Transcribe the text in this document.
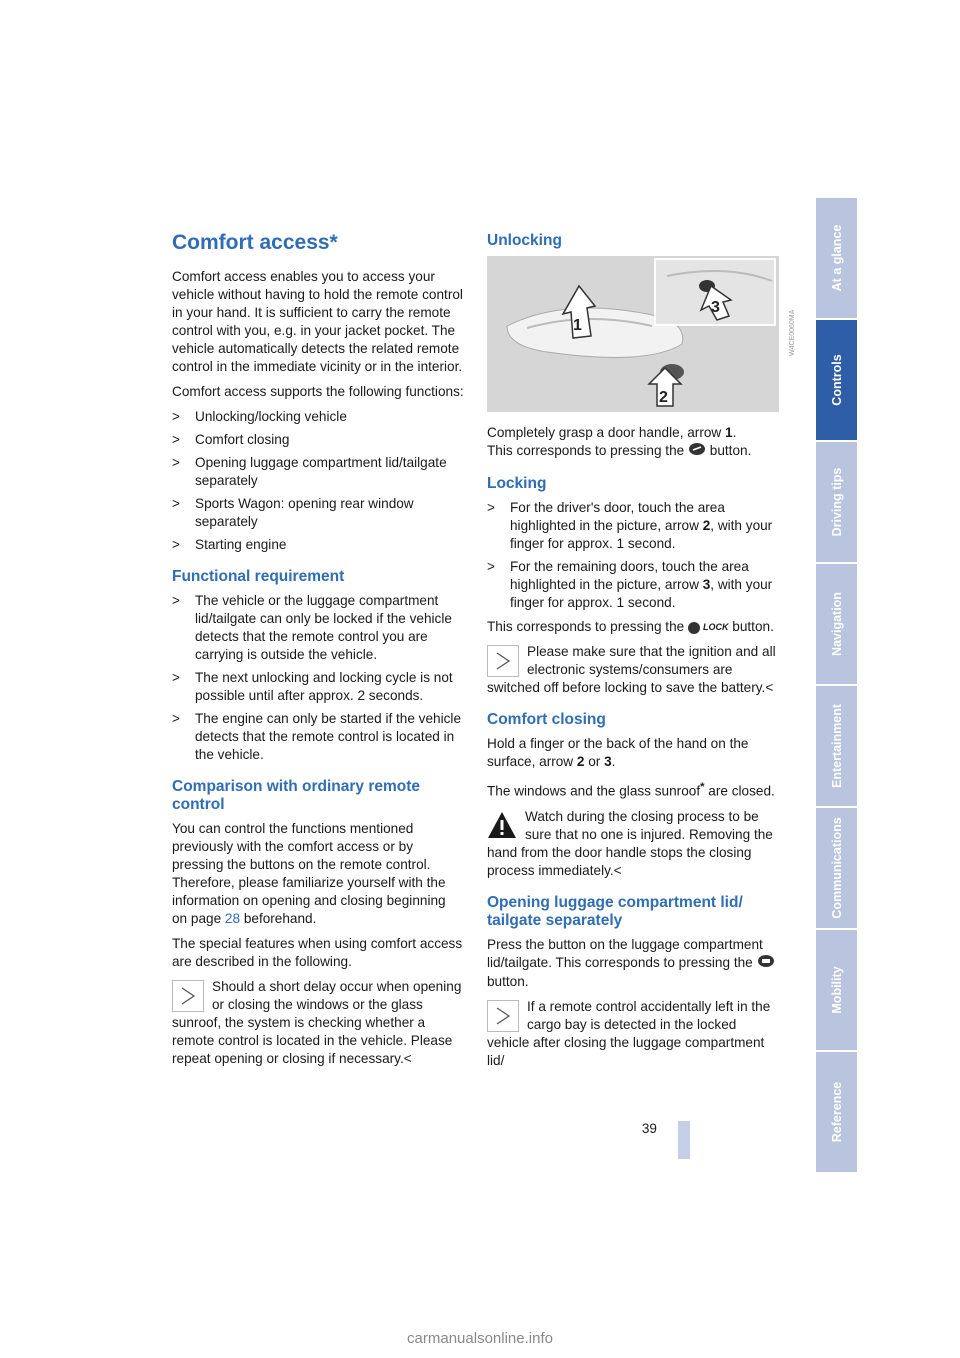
Comfort access*

Comfort access enables you to access your vehicle without having to hold the remote control in your hand. It is sufficient to carry the remote control with you, e.g. in your jacket pocket. The vehicle automatically detects the related remote control in the immediate vicinity or in the interior.

Comfort access supports the following functions:

> Unlocking/locking vehicle
> Comfort closing
> Opening luggage compartment lid/tailgate separately
> Sports Wagon: opening rear window separately
> Starting engine
Functional requirement
> The vehicle or the luggage compartment lid/tailgate can only be locked if the vehicle detects that the remote control you are carrying is outside the vehicle.
> The next unlocking and locking cycle is not possible until after approx. 2 seconds.
> The engine can only be started if the vehicle detects that the remote control is located in the vehicle.
Comparison with ordinary remote control

You can control the functions mentioned previously with the comfort access or by pressing the buttons on the remote control. Therefore, please familiarize yourself with the information on opening and closing beginning on page 28 beforehand.

The special features when using comfort access are described in the following.

Should a short delay occur when opening or closing the windows or the glass sunroof, the system is checking whether a remote control is located in the vehicle. Please repeat opening or closing if necessary.<
Unlocking
1
2
3
W4CE0060MA

Completely grasp a door handle, arrow 1.
This corresponds to pressing the  button.

Locking
> For the driver's door, touch the area highlighted in the picture, arrow 2, with your finger for approx. 1 second.
> For the remaining doors, touch the area highlighted in the picture, arrow 3, with your finger for approx. 1 second.

This corresponds to pressing the LOCK button.

Please make sure that the ignition and all electronic systems/consumers are switched off before locking to save the battery.<
Comfort closing

Hold a finger or the back of the hand on the surface, arrow 2 or 3.

The windows and the glass sunroof* are closed.

Watch during the closing process to be sure that no one is injured. Removing the hand from the door handle stops the closing process immediately.<
Opening luggage compartment lid/ tailgate separately

Press the button on the luggage compartment lid/tailgate. This corresponds to pressing the  button.

If a remote control accidentally left in the cargo bay is detected in the locked vehicle after closing the luggage compartment lid/
39
At a glance
Controls
Driving tips
Navigation
Entertainment
Communications
Mobility
Reference
carmanualsonline.info
